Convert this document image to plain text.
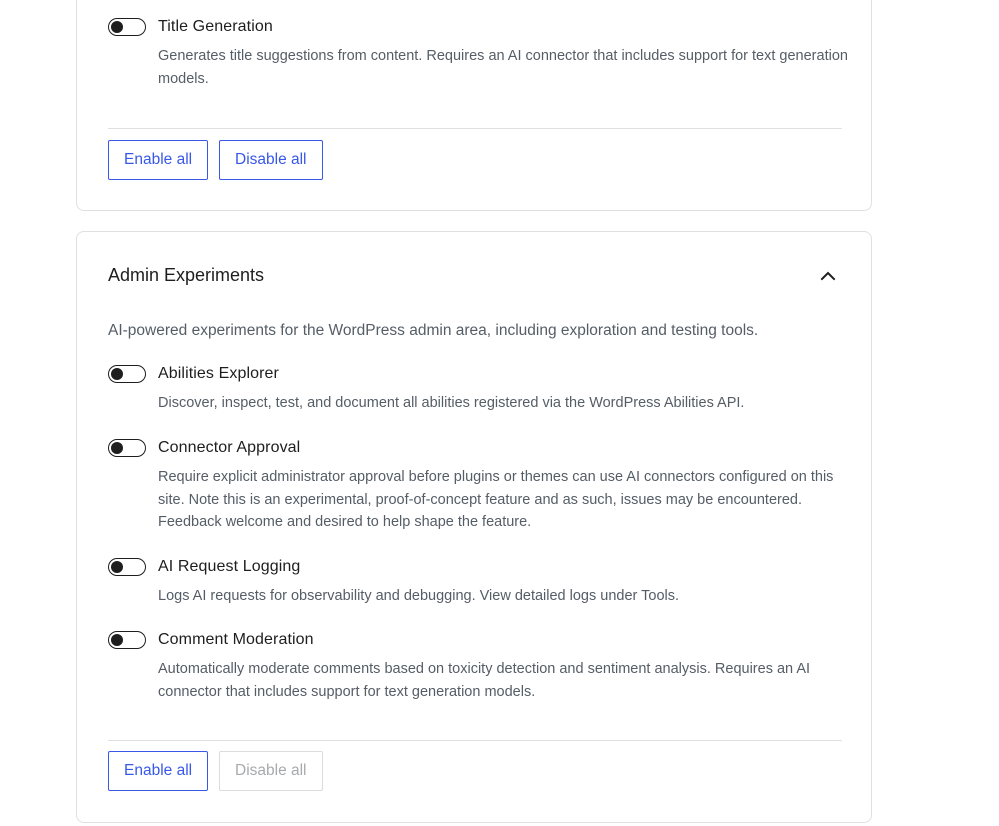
Title Generation
Generates title suggestions from content. Requires an AI connector that includes support for text generation models.
Enable all	Disable all
Admin Experiments
AI-powered experiments for the WordPress admin area, including exploration and testing tools.
Abilities Explorer
Discover, inspect, test, and document all abilities registered via the WordPress Abilities API.
Connector Approval
Require explicit administrator approval before plugins or themes can use AI connectors configured on this site. Note this is an experimental, proof-of-concept feature and as such, issues may be encountered. Feedback welcome and desired to help shape the feature.
AI Request Logging
Logs AI requests for observability and debugging. View detailed logs under Tools.
Comment Moderation
Automatically moderate comments based on toxicity detection and sentiment analysis. Requires an AI connector that includes support for text generation models.
Enable all	Disable all
